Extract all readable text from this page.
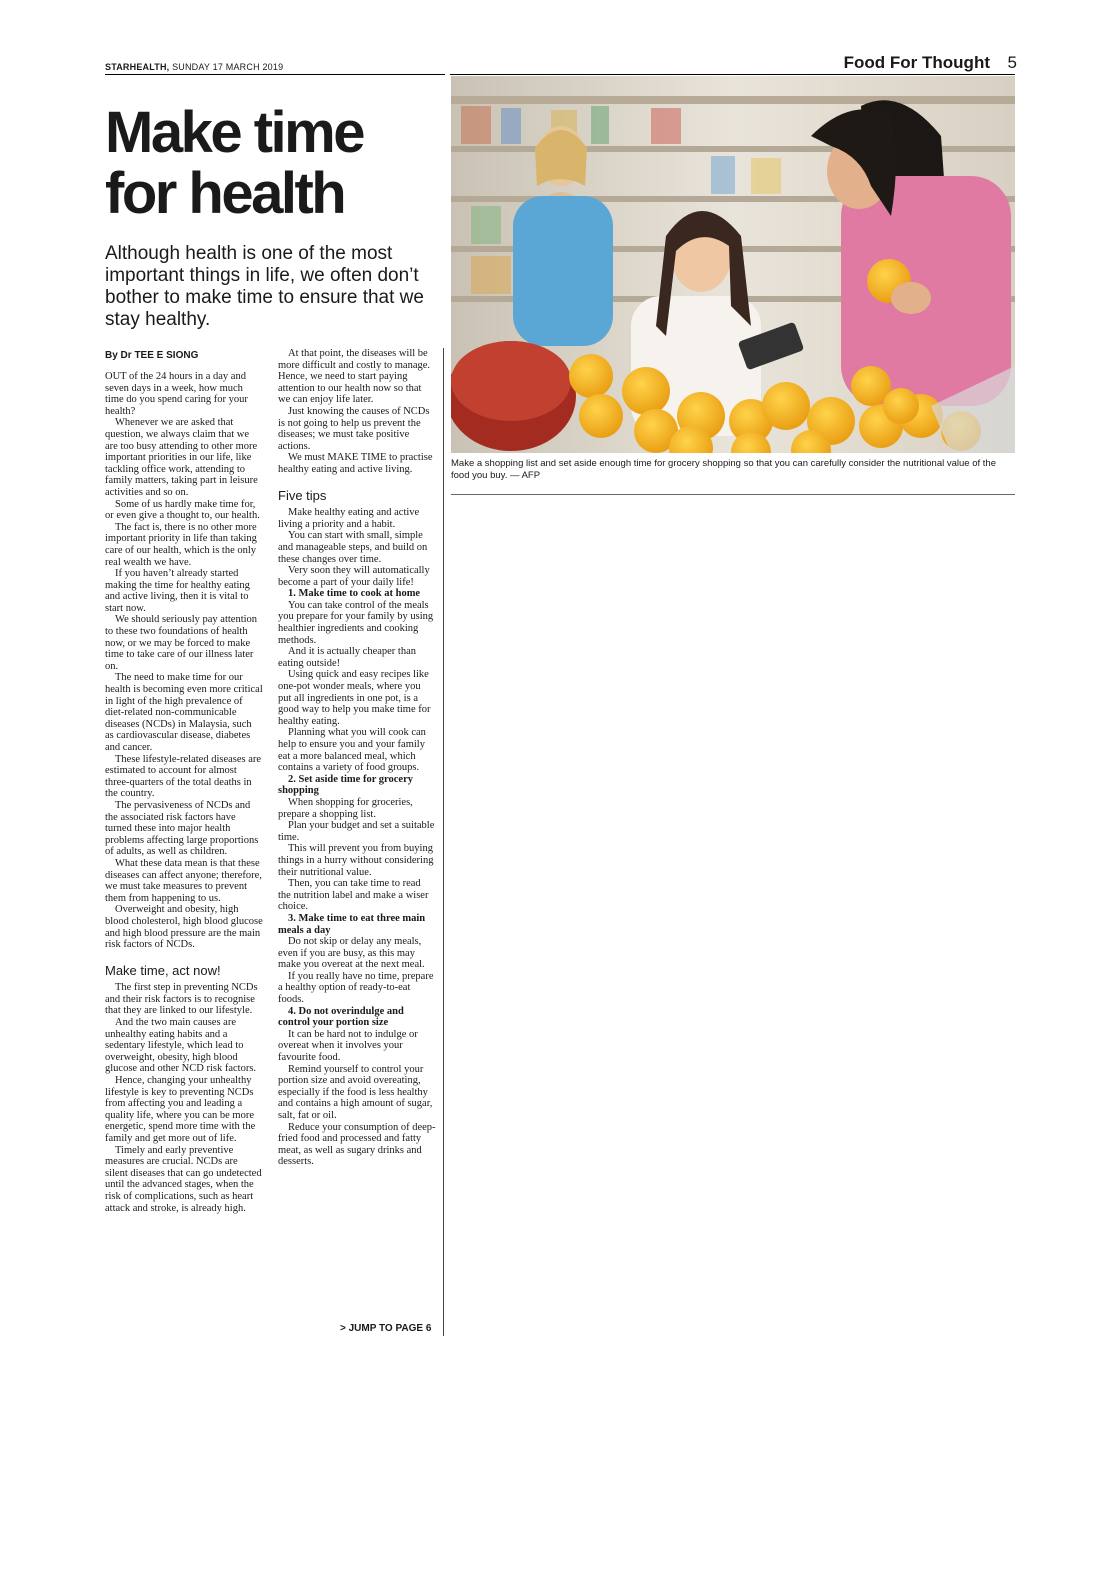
STARHEALTH, SUNDAY 17 MARCH 2019	Food For Thought 5
Make time
for health
Although health is one of the most important things in life, we often don’t bother to make time to ensure that we stay healthy.
By Dr TEE E SIONG

OUT of the 24 hours in a day and seven days in a week, how much time do you spend caring for your health?

Whenever we are asked that question, we always claim that we are too busy attending to other more important priorities in our life, like tackling office work, attending to family matters, taking part in leisure activities and so on.

Some of us hardly make time for, or even give a thought to, our health.

The fact is, there is no other more important priority in life than taking care of our health, which is the only real wealth we have.

If you haven’t already started making the time for healthy eating and active living, then it is vital to start now.

We should seriously pay attention to these two foundations of health now, or we may be forced to make time to take care of our illness later on.

The need to make time for our health is becoming even more critical in light of the high prevalence of diet-related non-communicable diseases (NCDs) in Malaysia, such as cardiovascular disease, diabetes and cancer.

These lifestyle-related diseases are estimated to account for almost three-quarters of the total deaths in the country.

The pervasiveness of NCDs and the associated risk factors have turned these into major health problems affecting large proportions of adults, as well as children.

What these data mean is that these diseases can affect anyone; therefore, we must take measures to prevent them from happening to us.

Overweight and obesity, high blood cholesterol, high blood glucose and high blood pressure are the main risk factors of NCDs.

Make time, act now!

The first step in preventing NCDs and their risk factors is to recognise that they are linked to our lifestyle.

And the two main causes are unhealthy eating habits and a sedentary lifestyle, which lead to overweight, obesity, high blood glucose and other NCD risk factors.

Hence, changing your unhealthy lifestyle is key to preventing NCDs from affecting you and leading a quality life, where you can be more energetic, spend more time with the family and get more out of life.

Timely and early preventive measures are crucial. NCDs are silent diseases that can go undetected until the advanced stages, when the risk of complications, such as heart attack and stroke, is already high.

At that point, the diseases will be more difficult and costly to manage. Hence, we need to start paying attention to our health now so that we can enjoy life later.

Just knowing the causes of NCDs is not going to help us prevent the diseases; we must take positive actions.

We must MAKE TIME to practise healthy eating and active living.

Five tips

Make healthy eating and active living a priority and a habit.

You can start with small, simple and manageable steps, and build on these changes over time.

Very soon they will automatically become a part of your daily life!

1. Make time to cook at home

You can take control of the meals you prepare for your family by using healthier ingredients and cooking methods.

And it is actually cheaper than eating outside!

Using quick and easy recipes like one-pot wonder meals, where you put all ingredients in one pot, is a good way to help you make time for healthy eating.

Planning what you will cook can help to ensure you and your family eat a more balanced meal, which contains a variety of food groups.

2. Set aside time for grocery shopping

When shopping for groceries, prepare a shopping list.

Plan your budget and set a suitable time.

This will prevent you from buying things in a hurry without considering their nutritional value.

Then, you can take time to read the nutrition label and make a wiser choice.

3. Make time to eat three main meals a day

Do not skip or delay any meals, even if you are busy, as this may make you overeat at the next meal.

If you really have no time, prepare a healthy option of ready-to-eat foods.

4. Do not overindulge and control your portion size

It can be hard not to indulge or overeat when it involves your favourite food.

Remind yourself to control your portion size and avoid overeating, especially if the food is less healthy and contains a high amount of sugar, salt, fat or oil.

Reduce your consumption of deep-fried food and processed and fatty meat, as well as sugary drinks and desserts.

> JUMP TO PAGE 6
Make a shopping list and set aside enough time for grocery shopping so that you can carefully consider the nutritional value of the food you buy. — AFP
